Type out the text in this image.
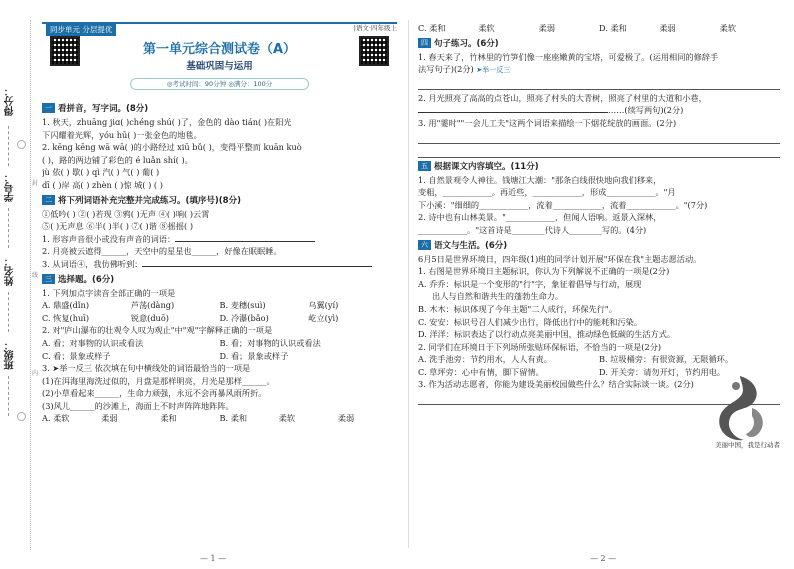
得分：
学号：
姓名：
班级：
封
线
内
同步单元 分层提优	|语文·四年级上
第一单元综合测试卷（A）
基础巩固与运用
◎考试时间：90分钟 ◎满分：100分
一 看拼音，写字词。(8分)
1. 秋天，zhuāng jiɑ( )chéng shú( )了，金色的 dào tián( )在阳光
下闪耀着光辉，yóu hū( )一张金色的地毯。
2. kēng kēng wā wā( )的小路经过 xiū bǔ( )，变得平整而 kuān kuò
( )，路的两边铺了彩色的 é luǎn shí( )。
jù 依( ) 歇( ) qì 汽( ) 气( ) 葡( )
dī ( )岸 高( ) zhèn ( )惊 城( ) ( )
二 将下列词语补充完整并完成练习。(填序号)(8分)
①低吟( ) ②( )若现 ③鸦( )无声 ④( )响( )云霄
⑤( )无声息 ⑥半( )半( ) ⑦( )谐 ⑧摇摇( )
1. 形容声音很小或没有声音的词语：
2. 月亮被云遮得______，天空中的星星也______，好像在眠眠睡。
3. 从词语④，我仿佛听到：
三 选择题。(6分)
1. 下列加点字读音全部正确的一项是
A. 鼎盛(dǐn)	芦荡(dàng)	B. 麦穗(suì)	乌翼(yí)
C. 恢复(huī)	锐意(duō)	D. 冷瀑(bǎo)	屹立(yì)
2. 对"庐山瀑布的壮观令人叹为观止"中"观"字解释正确的一项是
A. 看；对事物的认识或看法	B. 看；对事物的认识或看法
C. 看；景象或样子	D. 看；景象或样子
3. ➤举一反三 依次填在句中横线处的词语最恰当的一项是
(1)在洱海里海洗过似的，月盘是那样明亮，月光是那样______。
(2)小草看起来______，生命力顽强，永远不会再暴风雨所折。
(3)风儿______的沙滩上，海面上不时声阵阵地阵阵。
A. 柔软	柔弱	柔和	B. 柔和	柔软	柔弱
— 1 —
C. 柔和	柔软	柔弱	D. 柔和	柔弱	柔软
四 句子练习。(6分)
1. 春天来了，竹林里的竹笋们像一座座嫩黄的宝塔，可爱极了。(运用相同的修辞手
法写句子)(2分) ➤举一反三
2. 月光照亮了高高的点苍山，照亮了村头的大青树，照亮了村里的大道和小巷，
……(续写两句)(2分)
3. 用"霎时""一会儿工夫"这两个词语来描绘一下烟花绽放的画面。(2分)
五 根据课文内容填空。(11分)
1. 自然景观令人神往。钱塘江大潮："那条白线很快地向我们移来，
变粗，____________。再近些，____________，形成____________。"月
下小溪："细细的____________，流着____________，流着____________。"(7分)
2. 诗中也有山林美景。"____________，但闻人语响。返景入深林，
____________。"这首诗是________代诗人________写的。(4分)
六 语文与生活。(6分)
6月5日是世界环境日，四年级(1)班的同学计划开展"环保在我"主题志愿活动。
1. 右图是世界环境日主题标识，你认为下列解说不正确的一项是(2分)
A. 乔乔：标识是一个变形的"行"字，象征着倡导与行动，展现
出人与自然和谐共生的蓬勃生命力。
B. 木木：标识体现了今年主题"二人成行，环保先行"。
C. 安安：标识号召人们减少出行，降低出行中的能耗和污染。
D. 洋洋：标识表达了以行动点亮美丽中国，推动绿色低碳的生活方式。
2. 同学们在环境日于下列场所张贴环保标语，不恰当的一项是(2分)
A. 洗手池旁：节约用水，人人有责。	B. 垃圾桶旁：有很资源，无限循环。
C. 草坪旁：心中有情，脚下留情。	D. 开关旁：请勿开灯，节约用电。
3. 作为活动志愿者，你能为建设美丽校园做些什么？结合实际谈一谈。(2分)
美丽中国，我是行动者
— 2 —
